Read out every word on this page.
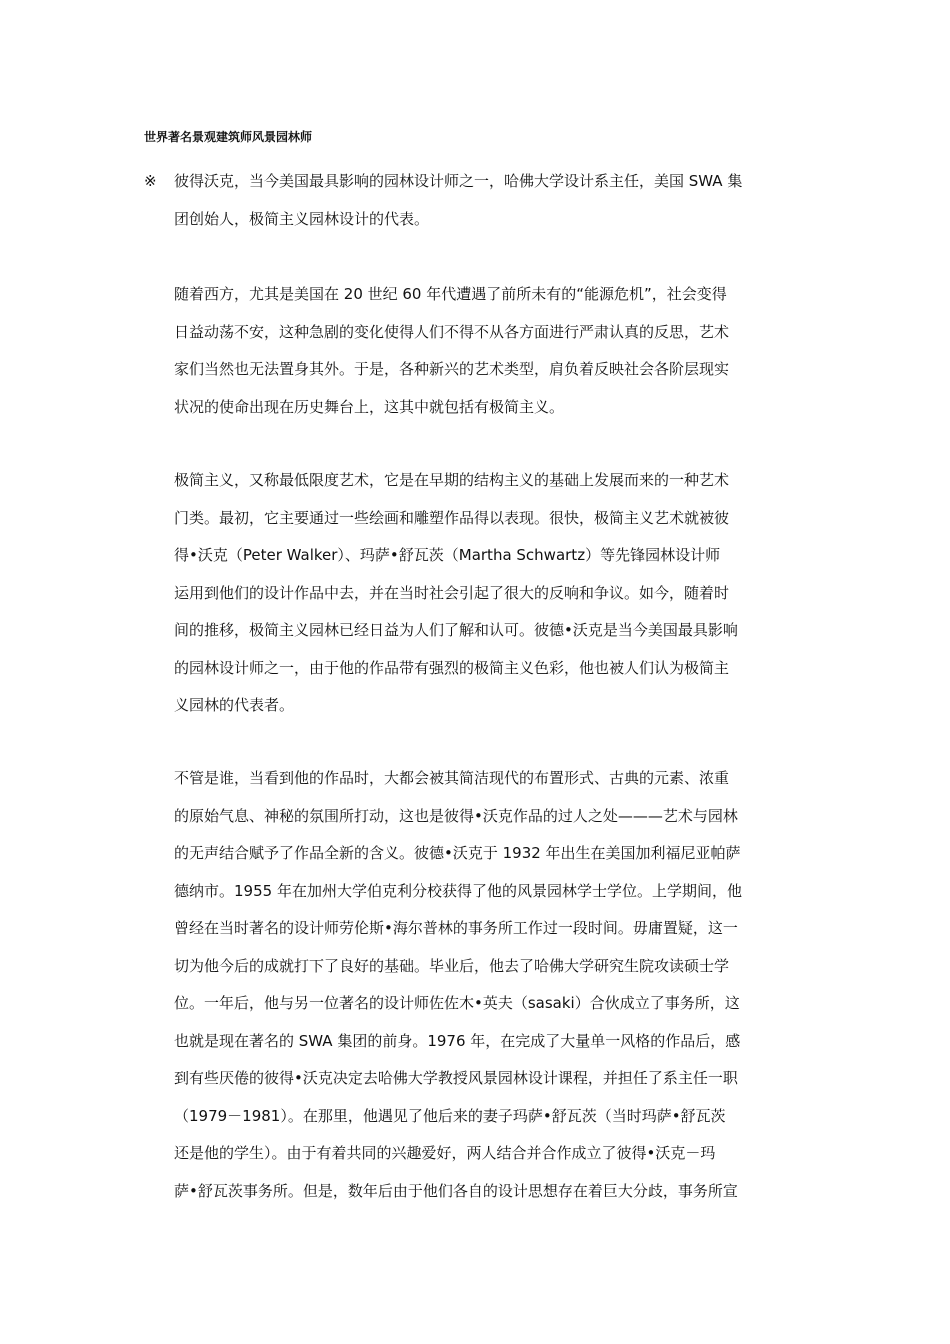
世界著名景观建筑师风景园林师
※ 彼得沃克，当今美国最具影响的园林设计师之一，哈佛大学设计系主任，美国 SWA 集
团创始人，极简主义园林设计的代表。
随着西方，尤其是美国在 20 世纪 60 年代遭遇了前所未有的“能源危机”，社会变得
日益动荡不安，这种急剧的变化使得人们不得不从各方面进行严肃认真的反思，艺术
家们当然也无法置身其外。于是，各种新兴的艺术类型，肩负着反映社会各阶层现实
状况的使命出现在历史舞台上，这其中就包括有极简主义。
极简主义，又称最低限度艺术，它是在早期的结构主义的基础上发展而来的一种艺术
门类。最初，它主要通过一些绘画和雕塑作品得以表现。很快，极简主义艺术就被彼
得•沃克（Peter Walker）、玛萨•舒瓦茨（Martha Schwartz）等先锋园林设计师
运用到他们的设计作品中去，并在当时社会引起了很大的反响和争议。如今，随着时
间的推移，极简主义园林已经日益为人们了解和认可。彼德•沃克是当今美国最具影响
的园林设计师之一，由于他的作品带有强烈的极简主义色彩，他也被人们认为极简主
义园林的代表者。
不管是谁，当看到他的作品时，大都会被其简洁现代的布置形式、古典的元素、浓重
的原始气息、神秘的氛围所打动，这也是彼得•沃克作品的过人之处———艺术与园林
的无声结合赋予了作品全新的含义。彼德•沃克于 1932 年出生在美国加利福尼亚帕萨
德纳市。1955 年在加州大学伯克利分校获得了他的风景园林学士学位。上学期间，他
曾经在当时著名的设计师劳伦斯•海尔普林的事务所工作过一段时间。毋庸置疑，这一
切为他今后的成就打下了良好的基础。毕业后，他去了哈佛大学研究生院攻读硕士学
位。一年后，他与另一位著名的设计师佐佐木•英夫（sasaki）合伙成立了事务所，这
也就是现在著名的 SWA 集团的前身。1976 年，在完成了大量单一风格的作品后，感
到有些厌倦的彼得•沃克决定去哈佛大学教授风景园林设计课程，并担任了系主任一职
（1979－1981）。在那里，他遇见了他后来的妻子玛萨•舒瓦茨（当时玛萨•舒瓦茨
还是他的学生）。由于有着共同的兴趣爱好，两人结合并合作成立了彼得•沃克－玛
萨•舒瓦茨事务所。但是，数年后由于他们各自的设计思想存在着巨大分歧，事务所宣
